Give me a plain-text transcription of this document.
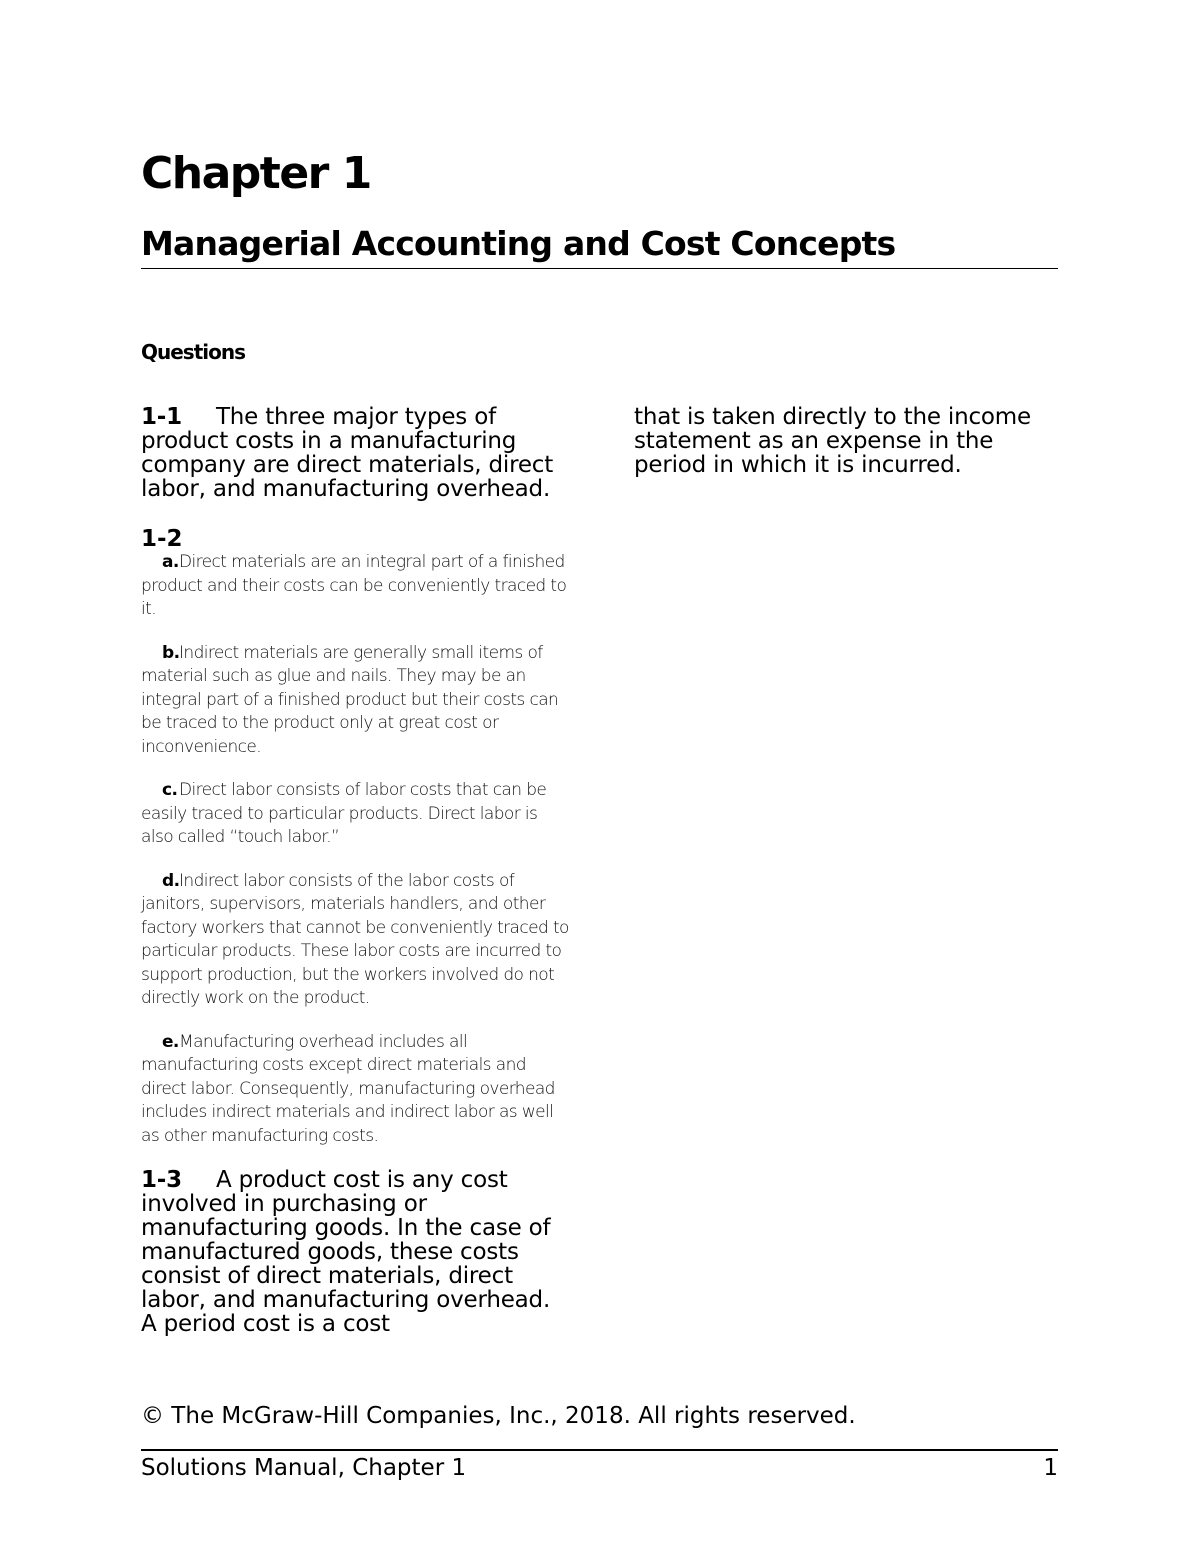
Chapter 1
Managerial Accounting and Cost Concepts
Questions

1-1 The three major types of product costs in a manufacturing company are direct materials, direct labor, and manufacturing overhead.

1-2

a.Direct materials are an integral part of a finished product and their costs can be conveniently traced to it.

b.Indirect materials are generally small items of material such as glue and nails. They may be an integral part of a finished product but their costs can be traced to the product only at great cost or inconvenience.

c.Direct labor consists of labor costs that can be easily traced to particular products. Direct labor is also called “touch labor.”

d.Indirect labor consists of the labor costs of janitors, supervisors, materials handlers, and other factory workers that cannot be conveniently traced to particular products. These labor costs are incurred to support production, but the workers involved do not directly work on the product.

e.Manufacturing overhead includes all manufacturing costs except direct materials and direct labor. Consequently, manufacturing overhead includes indirect materials and indirect labor as well as other manufacturing costs.

1-3 A product cost is any cost involved in purchasing or manufacturing goods. In the case of manufactured goods, these costs consist of direct materials, direct labor, and manufacturing overhead. A period cost is a cost

that is taken directly to the income statement as an expense in the period in which it is incurred.

© The McGraw-Hill Companies, Inc., 2018. All rights reserved.
Solutions Manual, Chapter 1	1
